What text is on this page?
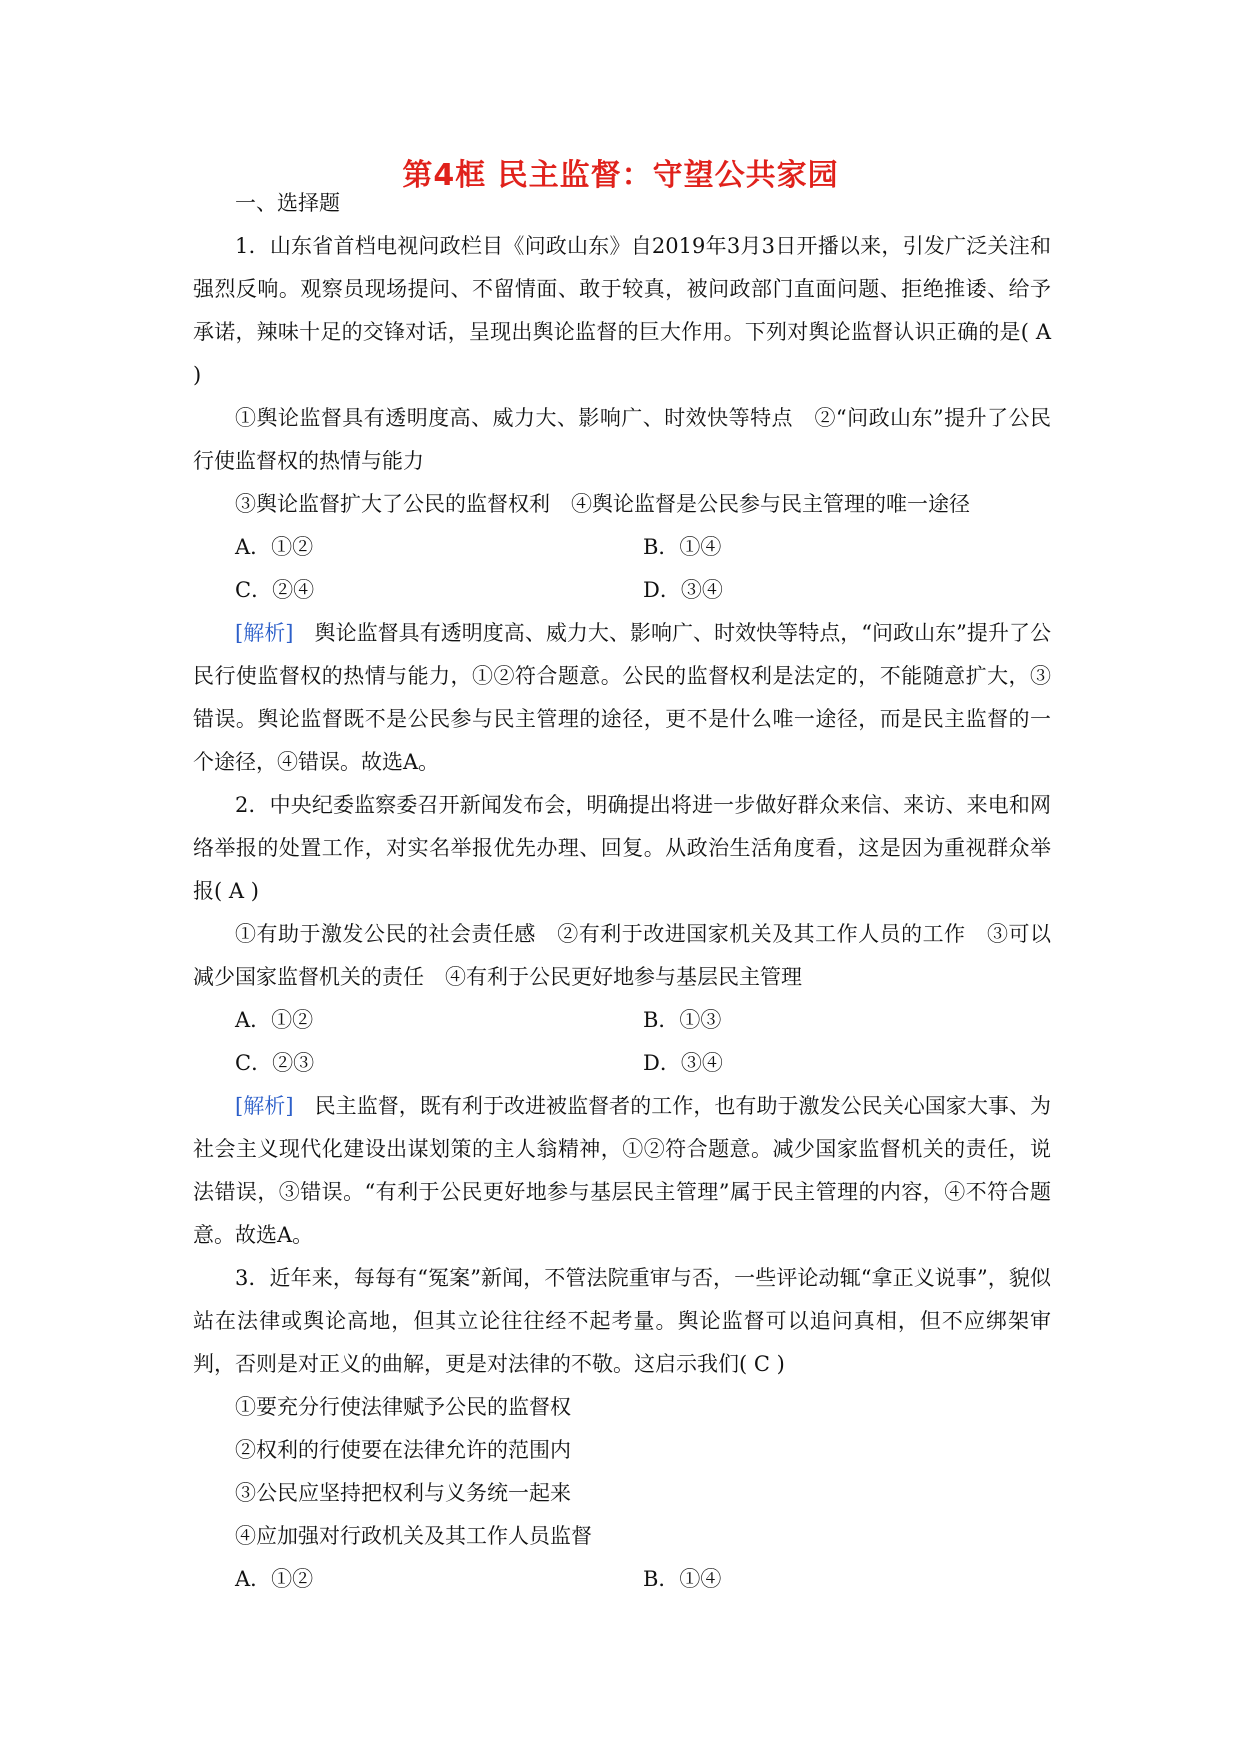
第4框 民主监督：守望公共家园

一、选择题

1．山东省首档电视问政栏目《问政山东》自2019年3月3日开播以来，引发广泛关注和强烈反响。观察员现场提问、不留情面、敢于较真，被问政部门直面问题、拒绝推诿、给予承诺，辣味十足的交锋对话，呈现出舆论监督的巨大作用。下列对舆论监督认识正确的是( A )

①舆论监督具有透明度高、威力大、影响广、时效快等特点　②“问政山东”提升了公民行使监督权的热情与能力

③舆论监督扩大了公民的监督权利　④舆论监督是公民参与民主管理的唯一途径

A．①②	B．①④
C．②④	D．③④

[解析]　 舆论监督具有透明度高、威力大、影响广、时效快等特点，“问政山东”提升了公民行使监督权的热情与能力，①②符合题意。公民的监督权利是法定的，不能随意扩大，③错误。舆论监督既不是公民参与民主管理的途径，更不是什么唯一途径，而是民主监督的一个途径，④错误。故选A。

2．中央纪委监察委召开新闻发布会，明确提出将进一步做好群众来信、来访、来电和网络举报的处置工作，对实名举报优先办理、回复。从政治生活角度看，这是因为重视群众举报( A )

①有助于激发公民的社会责任感　②有利于改进国家机关及其工作人员的工作　③可以减少国家监督机关的责任　④有利于公民更好地参与基层民主管理

A．①②	B．①③
C．②③	D．③④

[解析]　 民主监督，既有利于改进被监督者的工作，也有助于激发公民关心国家大事、为社会主义现代化建设出谋划策的主人翁精神，①②符合题意。减少国家监督机关的责任，说法错误，③错误。“有利于公民更好地参与基层民主管理”属于民主管理的内容，④不符合题意。故选A。

3．近年来，每每有“冤案”新闻，不管法院重审与否，一些评论动辄“拿正义说事”，貌似站在法律或舆论高地，但其立论往往经不起考量。舆论监督可以追问真相，但不应绑架审判，否则是对正义的曲解，更是对法律的不敬。这启示我们( C )

①要充分行使法律赋予公民的监督权

②权利的行使要在法律允许的范围内

③公民应坚持把权利与义务统一起来

④应加强对行政机关及其工作人员监督

A．①②	B．①④
